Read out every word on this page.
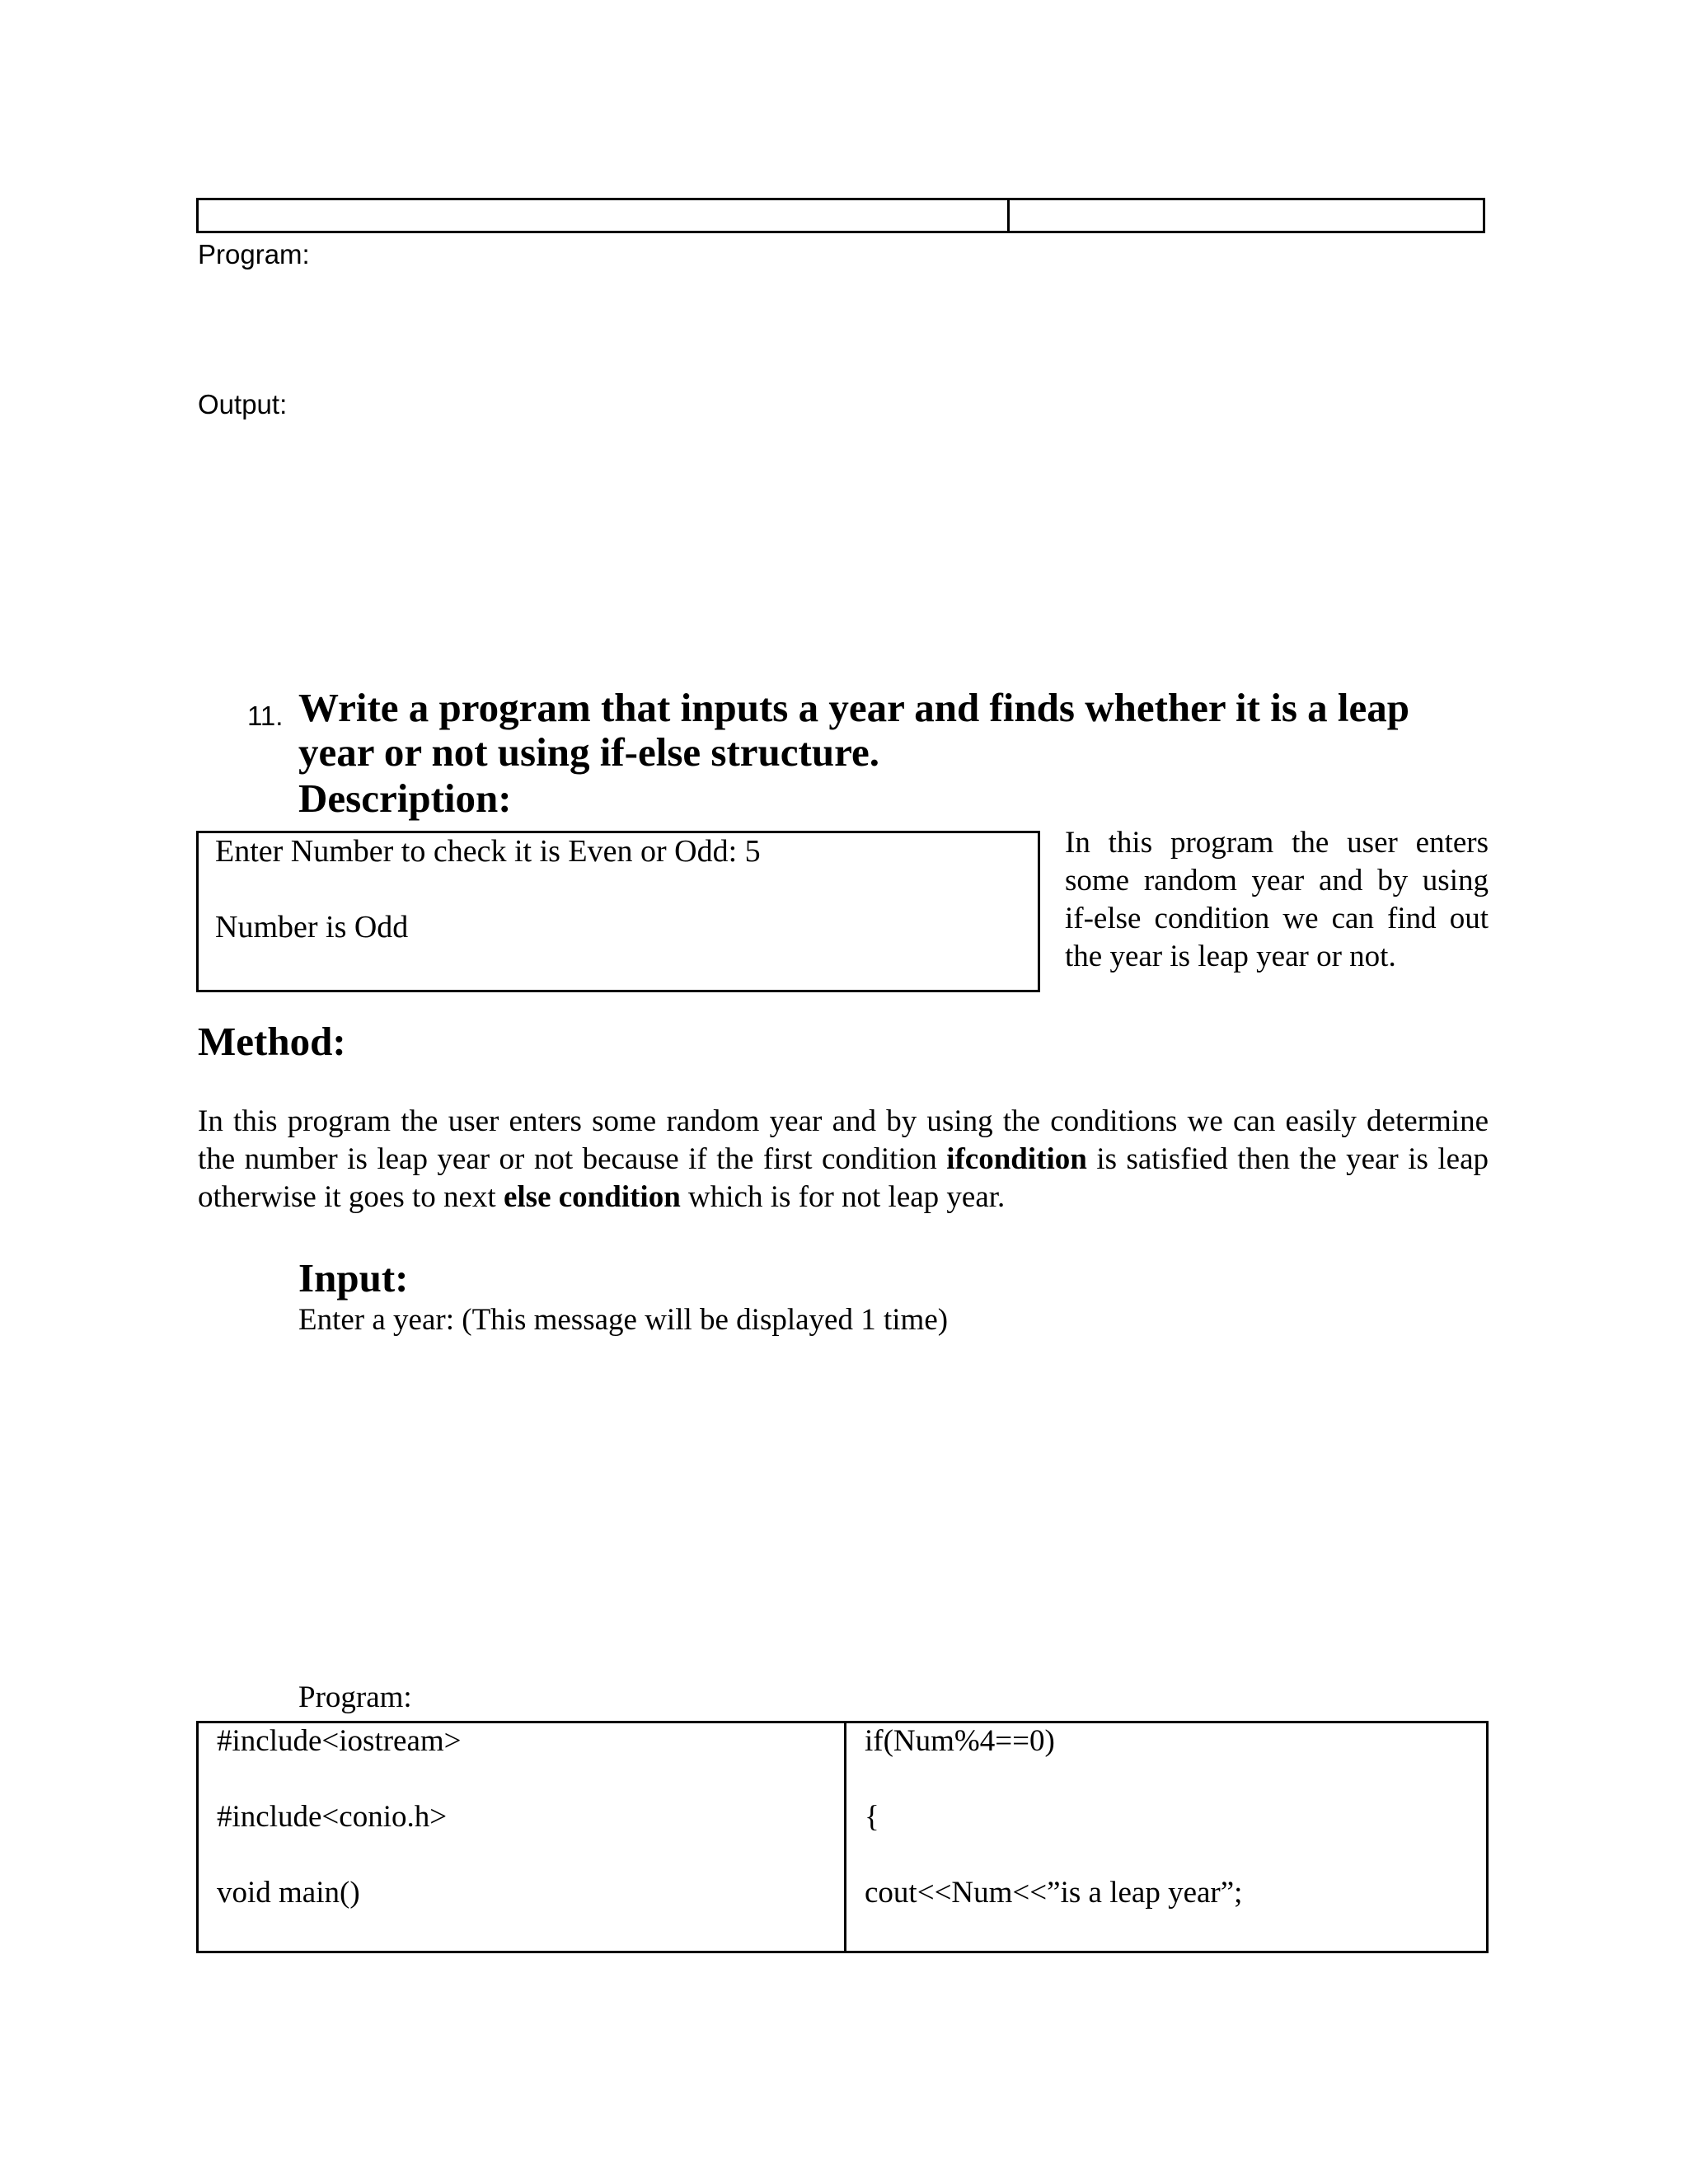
Program:
Output:
11. Write a program that inputs a year and finds whether it is a leap year or not using if-else structure.
Description:
Enter Number to check it is Even or Odd: 5
Number is Odd
In this program the user enters some random year and by using if-else condition we can find out
the year is leap year or not.
Method:
In this program the user enters some random year and by using the conditions we can easily determine the number is leap year or not because if the first condition ifcondition is satisfied then the year is leap otherwise it goes to next else condition which is for not leap year.
Input:
Enter a year: (This message will be displayed 1 time)
Program:
#include<iostream>
#include<conio.h>
void main()
if(Num%4==0)
{
cout<<Num<<”is a leap year”;
